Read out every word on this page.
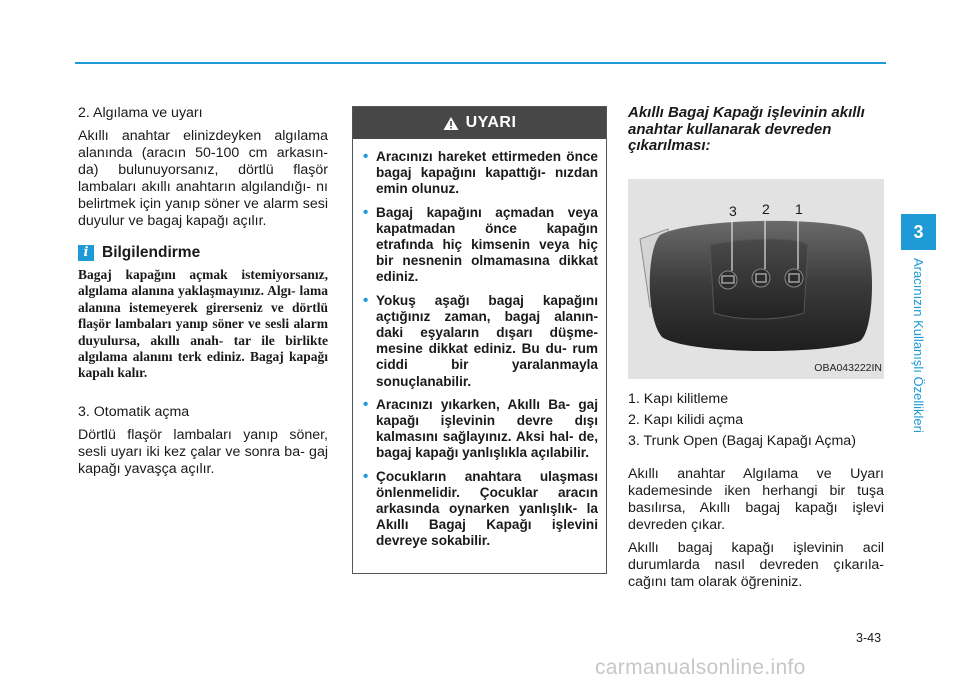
2. Algılama ve uyarı

Akıllı anahtar elinizdeyken algılama alanında (aracın 50-100 cm arkasın- da) bulunuyorsanız, dörtlü flaşör lambaları akıllı anahtarın algılandığı- nı belirtmek için yanıp söner ve alarm sesi duyulur ve bagaj kapağı açılır.

i Bilgilendirme

Bagaj kapağını açmak istemiyorsanız, algılama alanına yaklaşmayınız. Algı- lama alanına istemeyerek girerseniz ve dörtlü flaşör lambaları yanıp söner ve sesli alarm duyulursa, akıllı anah- tar ile birlikte algılama alanını terk ediniz. Bagaj kapağı kapalı kalır.

3. Otomatik açma

Dörtlü flaşör lambaları yanıp söner, sesli uyarı iki kez çalar ve sonra ba- gaj kapağı yavaşça açılır.

UYARI
• Aracınızı hareket ettirmeden önce bagaj kapağını kapattığı- nızdan emin olunuz.
• Bagaj kapağını açmadan veya kapatmadan önce kapağın etrafında hiç kimsenin veya hiç bir nesnenin olmamasına dikkat ediniz.
• Yokuş aşağı bagaj kapağını açtığınız zaman, bagaj alanın- daki eşyaların dışarı düşme- mesine dikkat ediniz. Bu du- rum ciddi bir yaralanmayla sonuçlanabilir.
• Aracınızı yıkarken, Akıllı Ba- gaj kapağı işlevinin devre dışı kalmasını sağlayınız. Aksi hal- de, bagaj kapağı yanlışlıkla açılabilir.
• Çocukların anahtara ulaşması önlenmelidir. Çocuklar aracın arkasında oynarken yanlışlık- la Akıllı Bagaj Kapağı işlevini devreye sokabilir.

Akıllı Bagaj Kapağı işlevinin akıllı anahtar kullanarak devreden çıkarılması:

3 2 1
OBA043222IN
1. Kapı kilitleme
2. Kapı kilidi açma
3. Trunk Open (Bagaj Kapağı Açma)

Akıllı anahtar Algılama ve Uyarı kademesinde iken herhangi bir tuşa basılırsa, Akıllı bagaj kapağı işlevi devreden çıkar.

Akıllı bagaj kapağı işlevinin acil durumlarda nasıl devreden çıkarıla- cağını tam olarak öğreniniz.

3
Aracınızın Kullanışlı Özellikleri
3-43
carmanualsonline.info
